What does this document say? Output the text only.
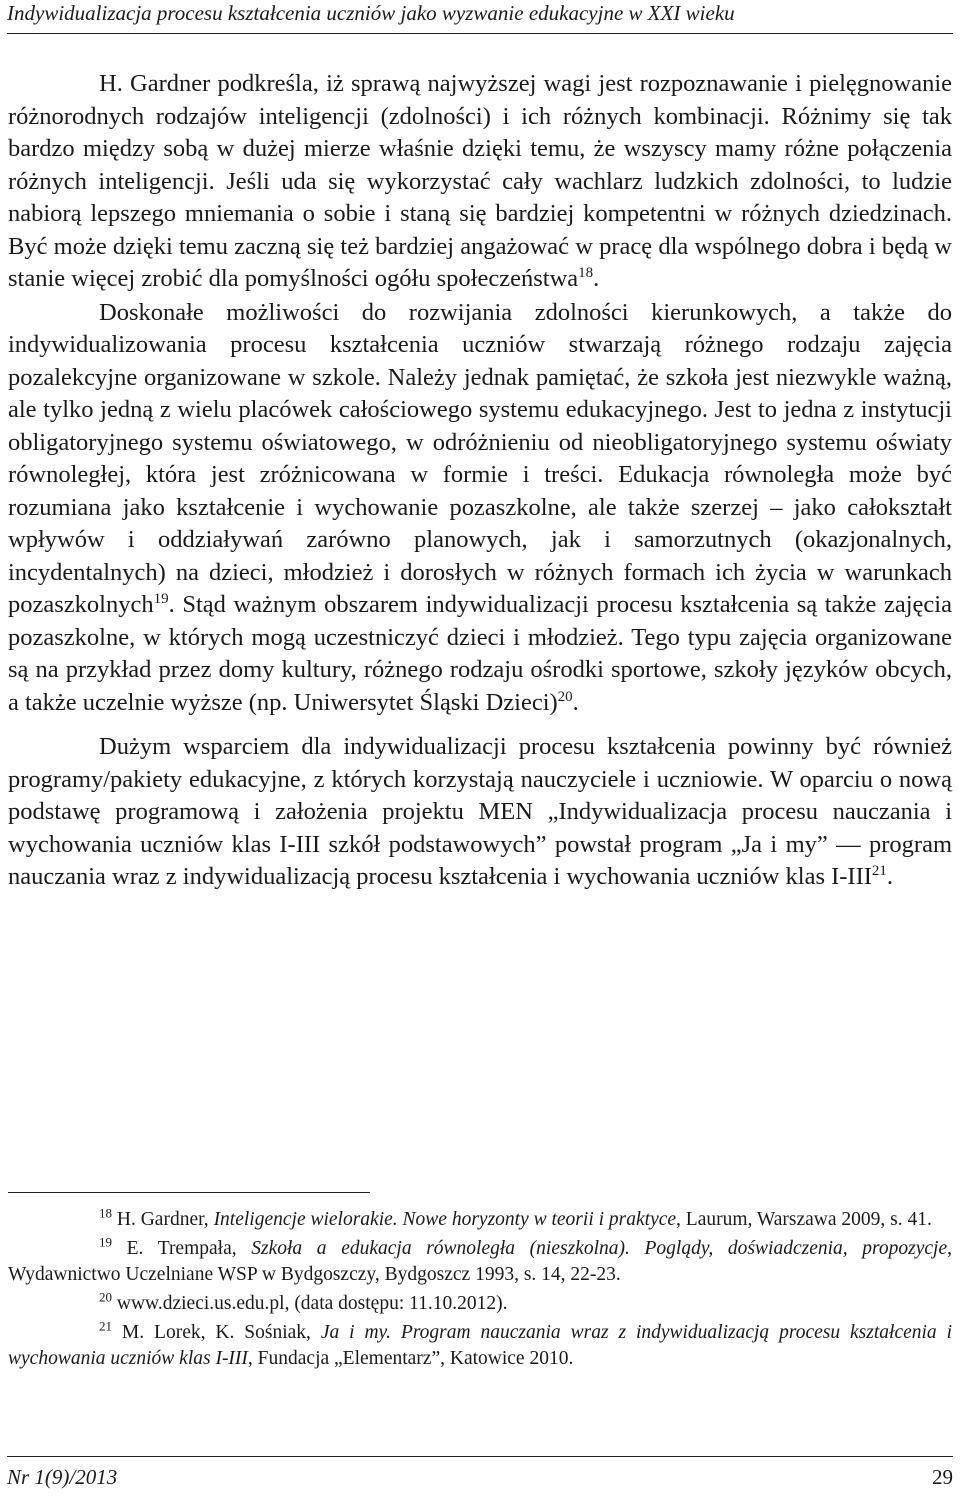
Indywidualizacja procesu kształcenia uczniów jako wyzwanie edukacyjne w XXI wieku

H. Gardner podkreśla, iż sprawą najwyższej wagi jest rozpoznawanie i pielęgnowanie różnorodnych rodzajów inteligencji (zdolności) i ich różnych kombinacji. Różnimy się tak bardzo między sobą w dużej mierze właśnie dzięki temu, że wszyscy mamy różne połączenia różnych inteligencji. Jeśli uda się wykorzystać cały wachlarz ludzkich zdolności, to ludzie nabiorą lepszego mniemania o sobie i staną się bardziej kompetentni w różnych dziedzinach. Być może dzięki temu zaczną się też bardziej angażować w pracę dla wspólnego dobra i będą w stanie więcej zrobić dla pomyślności ogółu społeczeństwa$^{18}$.

Doskonałe możliwości do rozwijania zdolności kierunkowych, a także do indywidualizowania procesu kształcenia uczniów stwarzają różnego rodzaju zajęcia pozalekcyjne organizowane w szkole. Należy jednak pamiętać, że szkoła jest niezwykle ważną, ale tylko jedną z wielu placówek całościowego systemu edukacyjnego. Jest to jedna z instytucji obligatoryjnego systemu oświatowego, w odróżnieniu od nieobligatoryjnego systemu oświaty równoległej, która jest zróżnicowana w formie i treści. Edukacja równoległa może być rozumiana jako kształcenie i wychowanie pozaszkolne, ale także szerzej – jako całokształt wpływów i oddziaływań zarówno planowych, jak i samorzutnych (okazjonalnych, incydentalnych) na dzieci, młodzież i dorosłych w różnych formach ich życia w warunkach pozaszkolnych$^{19}$. Stąd ważnym obszarem indywidualizacji procesu kształcenia są także zajęcia pozaszkolne, w których mogą uczestniczyć dzieci i młodzież. Tego typu zajęcia organizowane są na przykład przez domy kultury, różnego rodzaju ośrodki sportowe, szkoły języków obcych, a także uczelnie wyższe (np. Uniwersytet Śląski Dzieci)$^{20}$.

Dużym wsparciem dla indywidualizacji procesu kształcenia powinny być również programy/pakiety edukacyjne, z których korzystają nauczyciele i uczniowie. W oparciu o nową podstawę programową i założenia projektu MEN „Indywidualizacja procesu nauczania i wychowania uczniów klas I-III szkół podstawowych” powstał program „Ja i my” — program nauczania wraz z indywidualizacją procesu kształcenia i wychowania uczniów klas I-III$^{21}$.

$^{18}$ H. Gardner, Inteligencje wielorakie. Nowe horyzonty w teorii i praktyce, Laurum, Warszawa 2009, s. 41.

$^{19}$ E. Trempała, Szkoła a edukacja równoległa (nieszkolna). Poglądy, doświadczenia, propozycje, Wydawnictwo Uczelniane WSP w Bydgoszczy, Bydgoszcz 1993, s. 14, 22-23.

$^{20}$ www.dzieci.us.edu.pl, (data dostępu: 11.10.2012).

$^{21}$ M. Lorek, K. Sośniak, Ja i my. Program nauczania wraz z indywidualizacją procesu kształcenia i wychowania uczniów klas I-III, Fundacja „Elementarz”, Katowice 2010.

Nr 1(9)/2013	29
